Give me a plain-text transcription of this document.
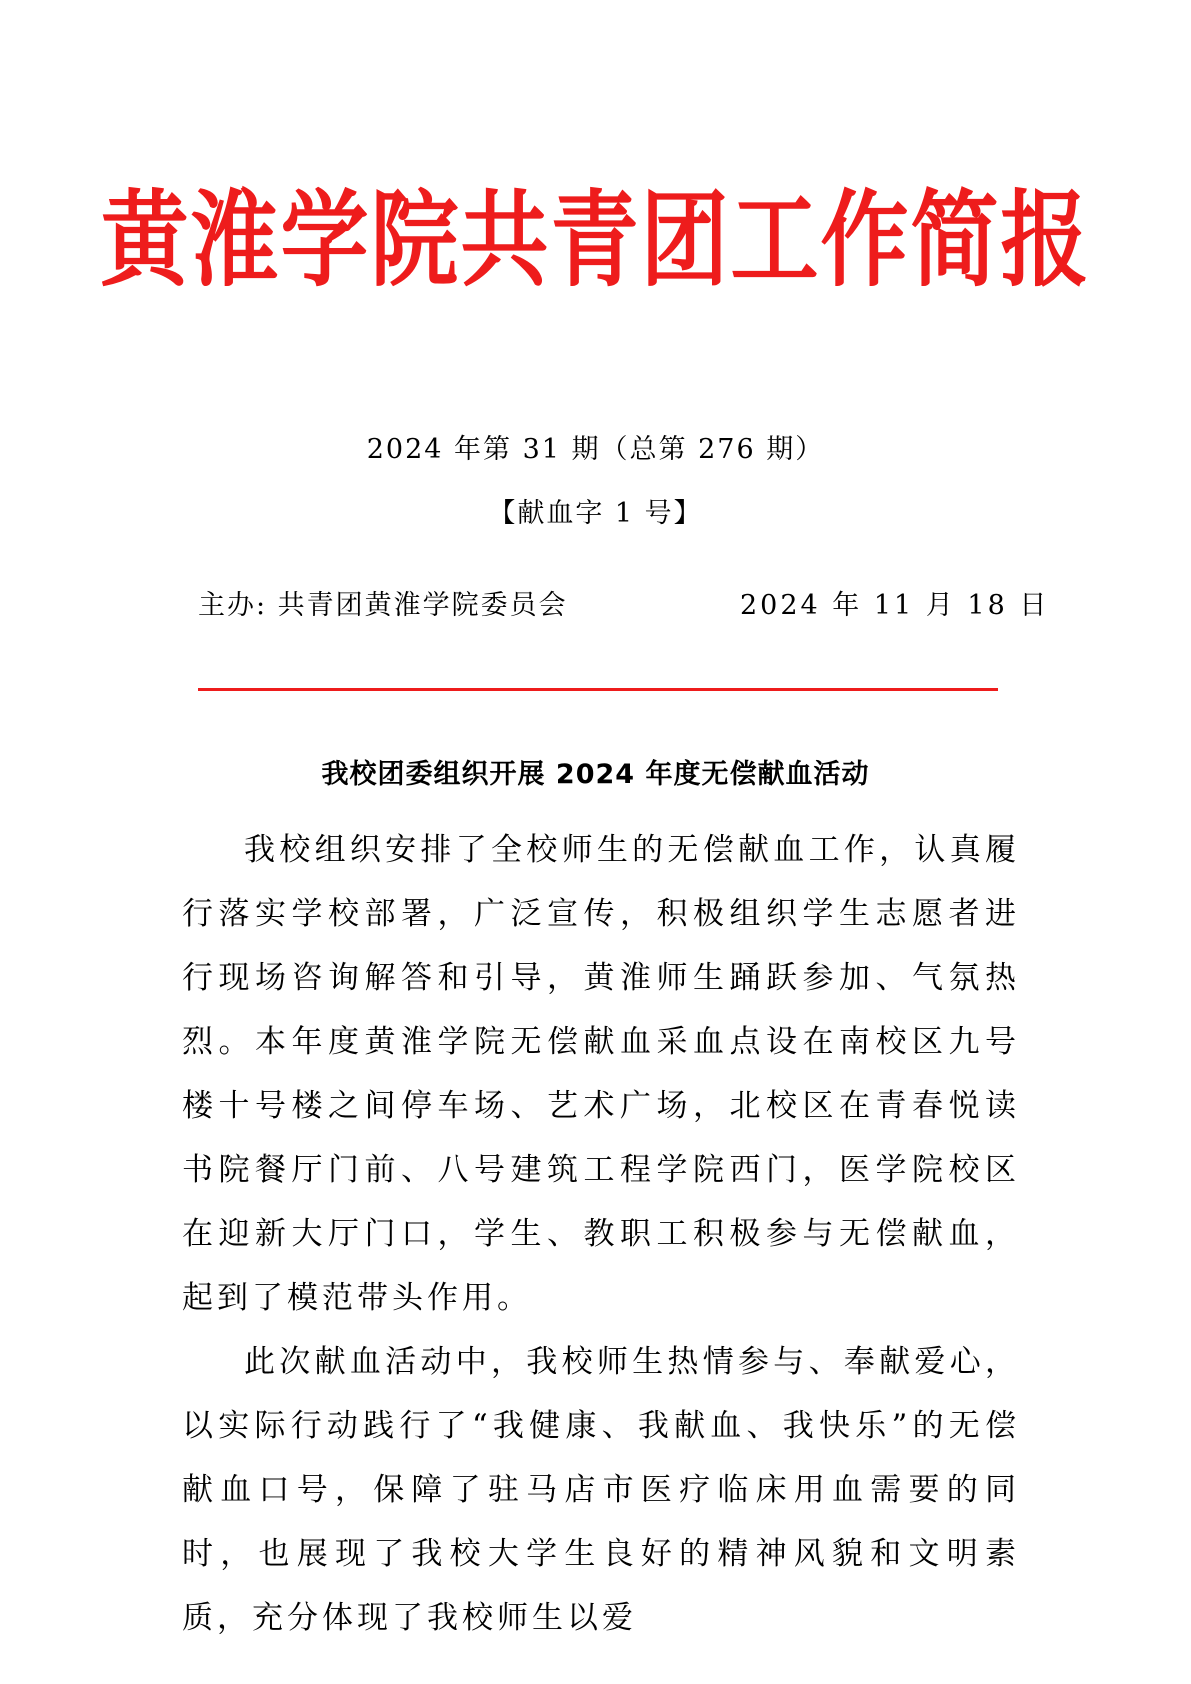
黄淮学院共青团工作简报
2024 年第 31 期（总第 276 期）
【献血字 1 号】
主办: 共青团黄淮学院委员会	2024 年 11 月 18 日
我校团委组织开展 2024 年度无偿献血活动

我校组织安排了全校师生的无偿献血工作，认真履行落实学校部署，广泛宣传，积极组织学生志愿者进行现场咨询解答和引导，黄淮师生踊跃参加、气氛热烈。本年度黄淮学院无偿献血采血点设在南校区九号楼十号楼之间停车场、艺术广场，北校区在青春悦读书院餐厅门前、八号建筑工程学院西门，医学院校区在迎新大厅门口，学生、教职工积极参与无偿献血，起到了模范带头作用。

此次献血活动中，我校师生热情参与、奉献爱心，以实际行动践行了“我健康、我献血、我快乐”的无偿献血口号，保障了驻马店市医疗临床用血需要的同时，也展现了我校大学生良好的精神风貌和文明素质，充分体现了我校师生以爱
